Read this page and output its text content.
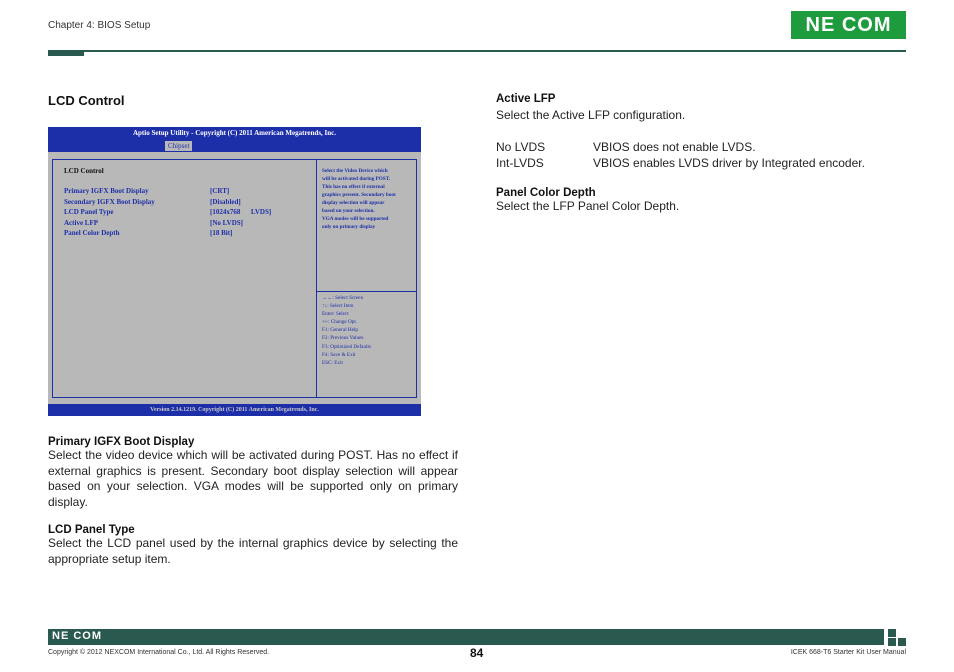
Chapter 4: BIOS Setup	NE COM
LCD Control
Aptio Setup Utility - Copyright (C) 2011 American Megatrends, Inc.
Chipset
LCD Control
Primary IGFX Boot Display	[CRT]
Secondary IGFX Boot Display	[Disabled]
LCD Panel Type	[1024x768      LVDS]
Active LFP	[No LVDS]
Panel Color Depth	[18 Bit]
Select the Video Device which
will be activated during POST.
This has no effect if external
graphics present. Secondary boot
display selection will appear
based on your selection.
VGA modes will be supported
only on primary display
→←: Select Screen
↑↓: Select Item
Enter: Select
+/-: Change Opt.
F1: General Help
F2: Previous Values
F3: Optimized Defaults
F4: Save & Exit
ESC: Exit
Version 2.14.1219. Copyright (C) 2011 American Megatrends, Inc.
Primary IGFX Boot Display

Select the video device which will be activated during POST. Has no effect if external graphics is present. Secondary boot display selection will appear based on your selection. VGA modes will be supported only on primary display.

LCD Panel Type

Select the LCD panel used by the internal graphics device by selecting the appropriate setup item.

Active LFP

Select the Active LFP configuration.

No LVDS	VBIOS does not enable LVDS.
Int-LVDS	VBIOS enables LVDS driver by Integrated encoder.
Panel Color Depth

Select the LFP Panel Color Depth.

NE COM
Copyright © 2012 NEXCOM International Co., Ltd. All Rights Reserved.	84	ICEK 668-T6 Starter Kit User Manual
